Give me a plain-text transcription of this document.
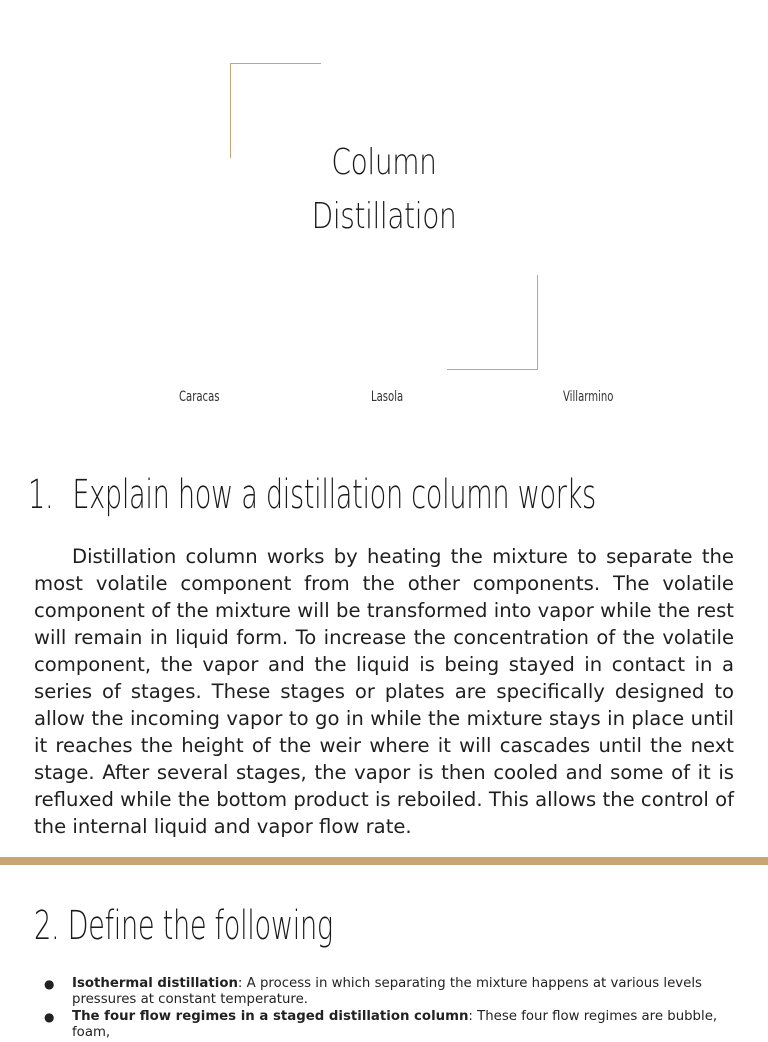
Column
Distillation
Caracas	Lasola	Villarmino
1. Explain how a distillation column works

Distillation column works by heating the mixture to separate the most volatile component from the other components. The volatile component of the mixture will be transformed into vapor while the rest will remain in liquid form. To increase the concentration of the volatile component, the vapor and the liquid is being stayed in contact in a series of stages. These stages or plates are specifically designed to allow the incoming vapor to go in while the mixture stays in place until it reaches the height of the weir where it will cascades until the next stage. After several stages, the vapor is then cooled and some of it is refluxed while the bottom product is reboiled. This allows the control of the internal liquid and vapor flow rate.

2. Define the following
● Isothermal distillation: A process in which separating the mixture happens at various levels pressures at constant temperature.
● The four flow regimes in a staged distillation column: These four flow regimes are bubble, foam,
